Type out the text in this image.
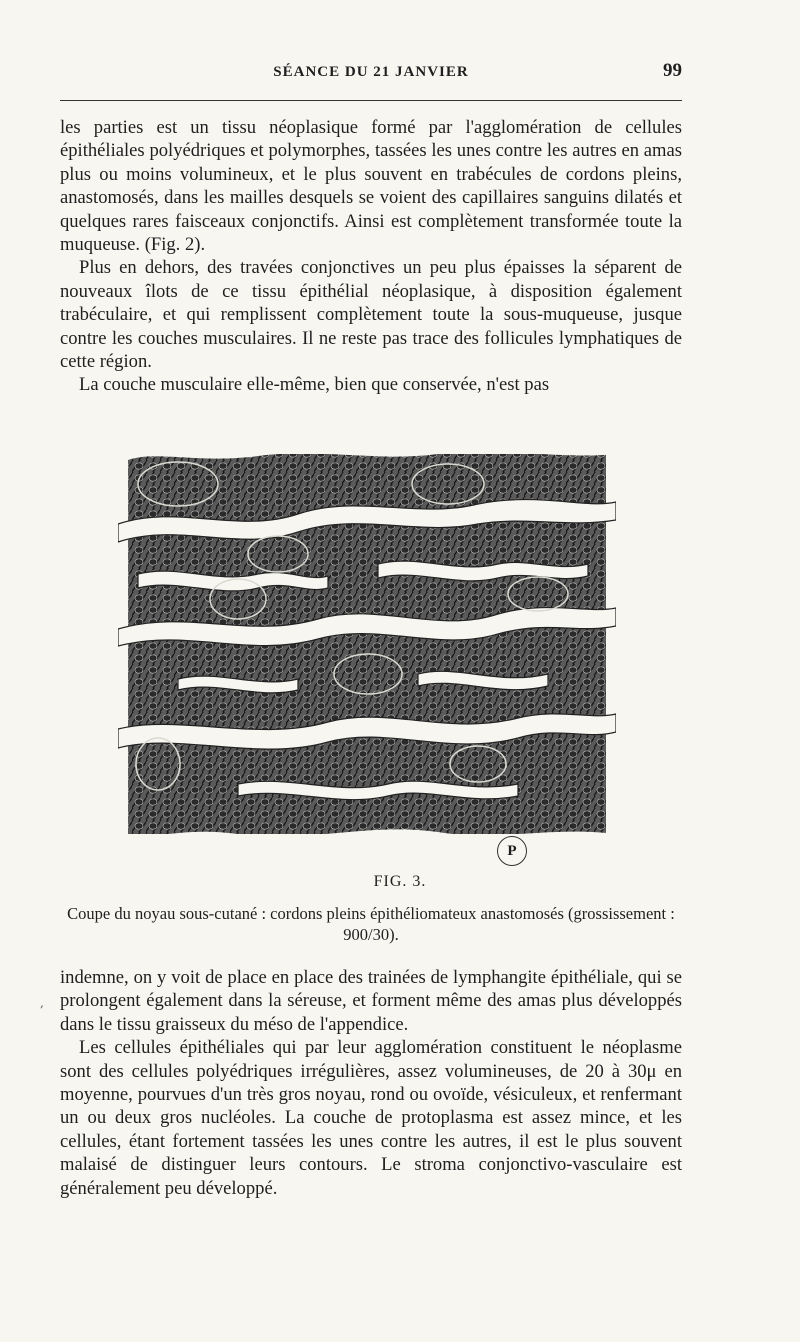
SÉANCE DU 21 JANVIER	99

les parties est un tissu néoplasique formé par l'agglomération de cellules épithéliales polyédriques et polymorphes, tassées les unes contre les autres en amas plus ou moins volumineux, et le plus souvent en trabécules de cordons pleins, anastomosés, dans les mailles desquels se voient des capillaires sanguins dilatés et quelques rares faisceaux conjonctifs. Ainsi est complètement transformée toute la muqueuse. (Fig. 2).

Plus en dehors, des travées conjonctives un peu plus épaisses la séparent de nouveaux îlots de ce tissu épithélial néoplasique, à disposition également trabéculaire, et qui remplissent complètement toute la sous-muqueuse, jusque contre les couches musculaires. Il ne reste pas trace des follicules lymphatiques de cette région.

La couche musculaire elle-même, bien que conservée, n'est pas

P
FIG. 3.
Coupe du noyau sous-cutané : cordons pleins épithéliomateux anastomosés (grossissement : 900/30).
,

indemne, on y voit de place en place des trainées de lymphangite épithéliale, qui se prolongent également dans la séreuse, et forment même des amas plus développés dans le tissu graisseux du méso de l'appendice.

Les cellules épithéliales qui par leur agglomération constituent le néoplasme sont des cellules polyédriques irrégulières, assez volumineuses, de 20 à 30μ en moyenne, pourvues d'un très gros noyau, rond ou ovoïde, vésiculeux, et renfermant un ou deux gros nucléoles. La couche de protoplasma est assez mince, et les cellules, étant fortement tassées les unes contre les autres, il est le plus souvent malaisé de distinguer leurs contours. Le stroma conjonctivo-vasculaire est généralement peu développé.
